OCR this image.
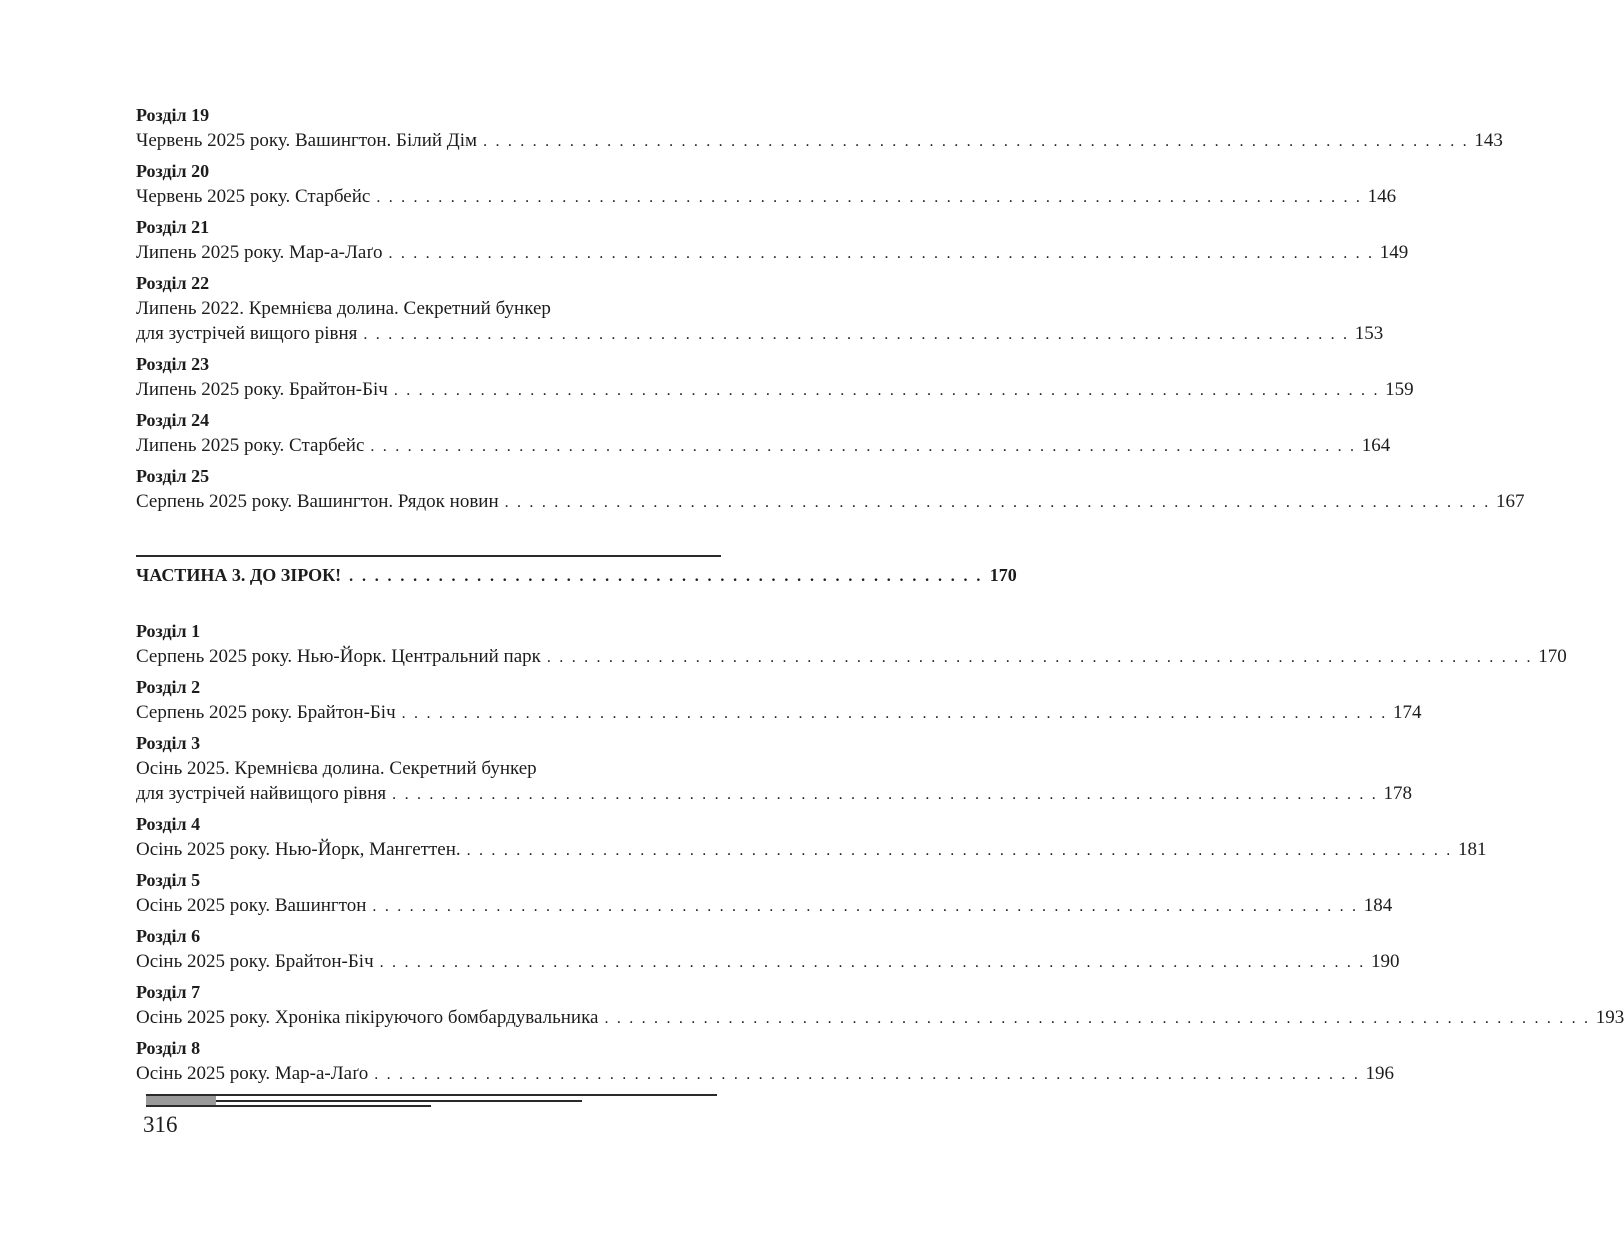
Розділ 19
Червень 2025 року. Вашингтон. Білий Дім . . . . . . . . . . . . . . . . . . . . . . . . . . . . . . . . . . . . . . . . . . . . . . . . . . . . . . . . . . . . . . . . . . . . . . . . . . . . . . . . 143
Розділ 20
Червень 2025 року. Старбейс . . . . . . . . . . . . . . . . . . . . . . . . . . . . . . . . . . . . . . . . . . . . . . . . . . . . . . . . . . . . . . . . . . . . . . . . . . . . . . . . 146
Розділ 21
Липень 2025 року. Мар-а-Лаґо . . . . . . . . . . . . . . . . . . . . . . . . . . . . . . . . . . . . . . . . . . . . . . . . . . . . . . . . . . . . . . . . . . . . . . . . . . . . . . . . 149
Розділ 22
Липень 2022. Кремнієва долина. Секретний бункер
для зустрічей вищого рівня . . . . . . . . . . . . . . . . . . . . . . . . . . . . . . . . . . . . . . . . . . . . . . . . . . . . . . . . . . . . . . . . . . . . . . . . . . . . . . . . 153
Розділ 23
Липень 2025 року. Брайтон-Біч . . . . . . . . . . . . . . . . . . . . . . . . . . . . . . . . . . . . . . . . . . . . . . . . . . . . . . . . . . . . . . . . . . . . . . . . . . . . . . . . 159
Розділ 24
Липень 2025 року. Старбейс . . . . . . . . . . . . . . . . . . . . . . . . . . . . . . . . . . . . . . . . . . . . . . . . . . . . . . . . . . . . . . . . . . . . . . . . . . . . . . . . 164
Розділ 25
Серпень 2025 року. Вашингтон. Рядок новин . . . . . . . . . . . . . . . . . . . . . . . . . . . . . . . . . . . . . . . . . . . . . . . . . . . . . . . . . . . . . . . . . . . . . . . . . . . . . . . . 167
ЧАСТИНА 3. ДО ЗІРОК! . . . . . . . . . . . . . . . . . . . . . . . . . . . . . . . . . . . . . . . . . . . . . . . . . . 170
Розділ 1
Серпень 2025 року. Нью-Йорк. Центральний парк . . . . . . . . . . . . . . . . . . . . . . . . . . . . . . . . . . . . . . . . . . . . . . . . . . . . . . . . . . . . . . . . . . . . . . . . . . . . . . . . 170
Розділ 2
Серпень 2025 року. Брайтон-Біч . . . . . . . . . . . . . . . . . . . . . . . . . . . . . . . . . . . . . . . . . . . . . . . . . . . . . . . . . . . . . . . . . . . . . . . . . . . . . . . . 174
Розділ 3
Осінь 2025. Кремнієва долина. Секретний бункер
для зустрічей найвищого рівня . . . . . . . . . . . . . . . . . . . . . . . . . . . . . . . . . . . . . . . . . . . . . . . . . . . . . . . . . . . . . . . . . . . . . . . . . . . . . . . . 178
Розділ 4
Осінь 2025 року. Нью-Йорк, Мангеттен. . . . . . . . . . . . . . . . . . . . . . . . . . . . . . . . . . . . . . . . . . . . . . . . . . . . . . . . . . . . . . . . . . . . . . . . . . . . . . . . . 181
Розділ 5
Осінь 2025 року. Вашингтон . . . . . . . . . . . . . . . . . . . . . . . . . . . . . . . . . . . . . . . . . . . . . . . . . . . . . . . . . . . . . . . . . . . . . . . . . . . . . . . . 184
Розділ 6
Осінь 2025 року. Брайтон-Біч . . . . . . . . . . . . . . . . . . . . . . . . . . . . . . . . . . . . . . . . . . . . . . . . . . . . . . . . . . . . . . . . . . . . . . . . . . . . . . . . 190
Розділ 7
Осінь 2025 року. Хроніка пікіруючого бомбардувальника . . . . . . . . . . . . . . . . . . . . . . . . . . . . . . . . . . . . . . . . . . . . . . . . . . . . . . . . . . . . . . . . . . . . . . . . . . . . . . . . 193
Розділ 8
Осінь 2025 року. Мар-а-Лаґо . . . . . . . . . . . . . . . . . . . . . . . . . . . . . . . . . . . . . . . . . . . . . . . . . . . . . . . . . . . . . . . . . . . . . . . . . . . . . . . . 196
316
